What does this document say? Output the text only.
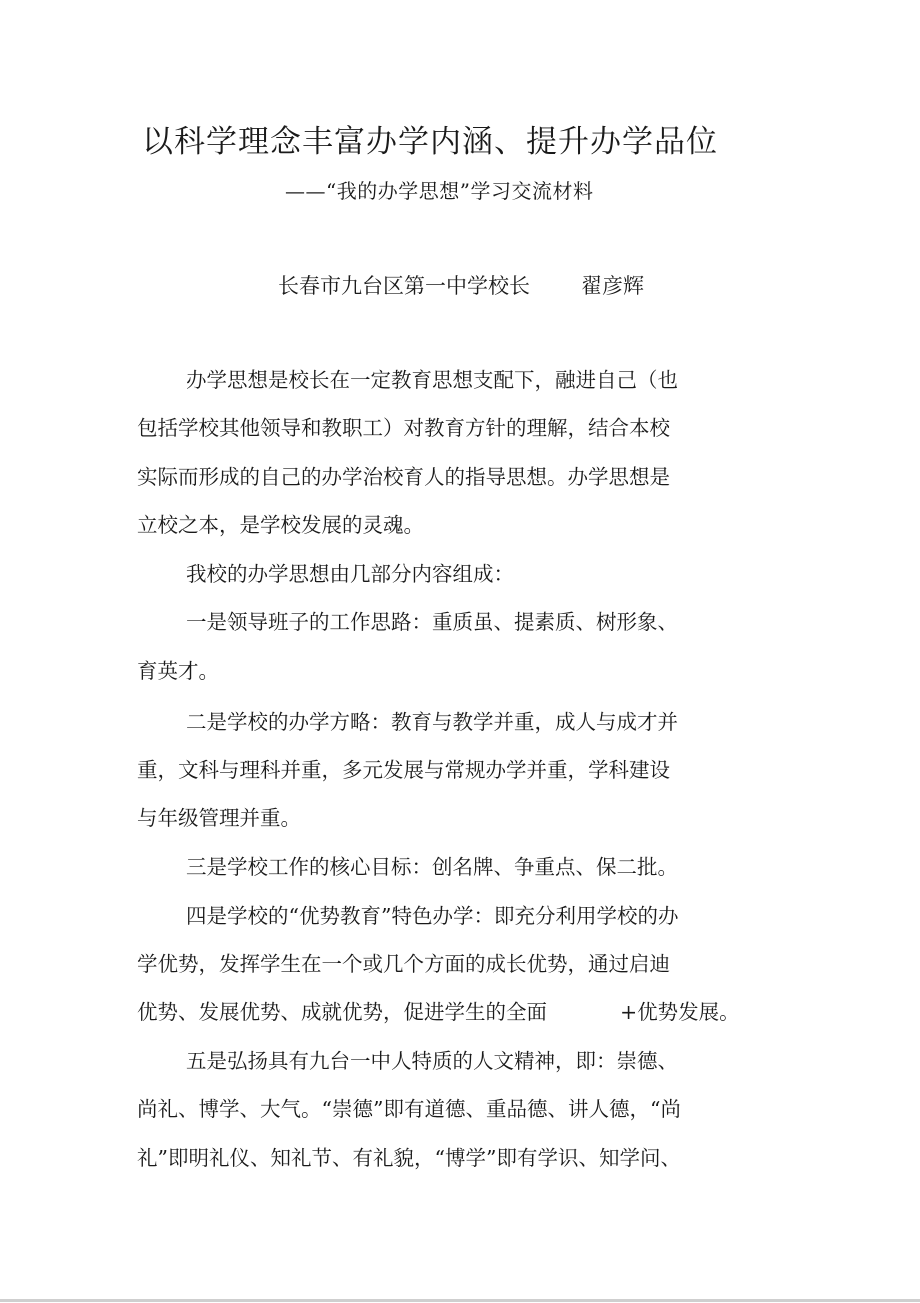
以科学理念丰富办学内涵、提升办学品位

——“我的办学思想”学习交流材料

长春市九台区第一中学校长 翟彦辉

办学思想是校长在一定教育思想支配下，融进自己（也

包括学校其他领导和教职工）对教育方针的理解，结合本校

实际而形成的自己的办学治校育人的指导思想。办学思想是

立校之本，是学校发展的灵魂。

我校的办学思想由几部分内容组成：

一是领导班子的工作思路：重质虽、提素质、树形象、

育英才。

二是学校的办学方略：教育与教学并重，成人与成才并

重，文科与理科并重，多元发展与常规办学并重，学科建设

与年级管理并重。

三是学校工作的核心目标：创名牌、争重点、保二批。

四是学校的“优势教育”特色办学：即充分利用学校的办

学优势，发挥学生在一个或几个方面的成长优势，通过启迪

优势、发展优势、成就优势，促进学生的全面	+优势发展。

五是弘扬具有九台一中人特质的人文精神，即：崇德、

尚礼、博学、大气。“崇德”即有道德、重品德、讲人德，“尚

礼”即明礼仪、知礼节、有礼貌，“博学”即有学识、知学问、
